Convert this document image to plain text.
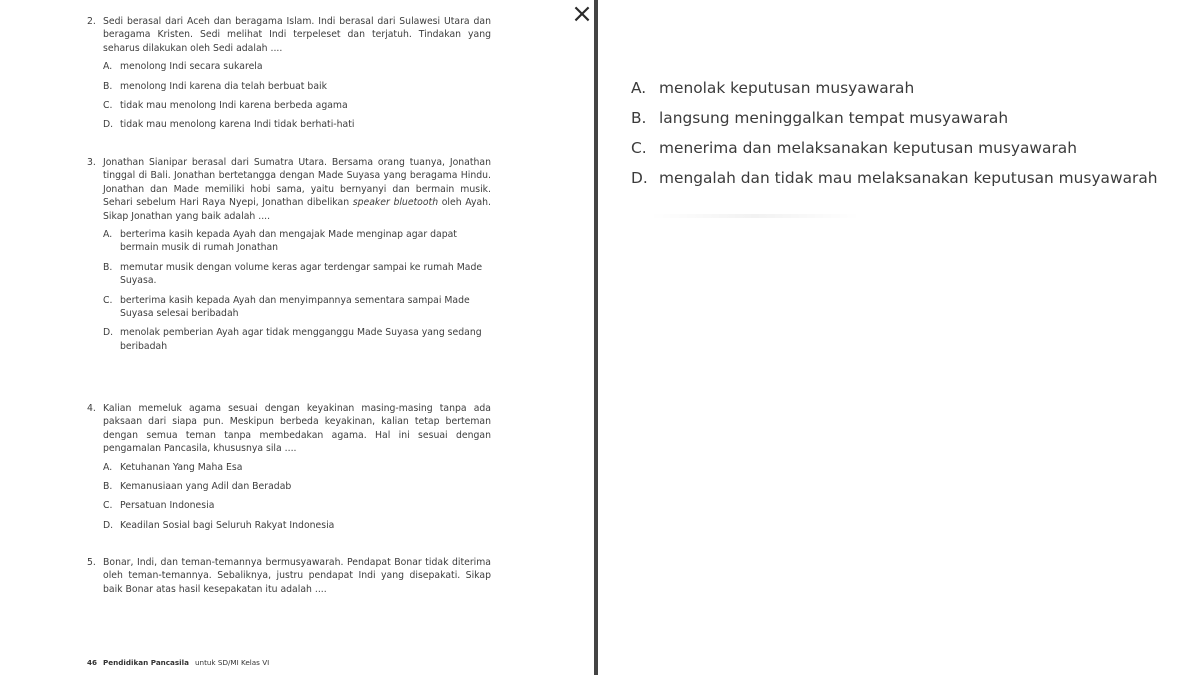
2. Sedi berasal dari Aceh dan beragama Islam. Indi berasal dari Sulawesi Utara dan beragama Kristen. Sedi melihat Indi terpeleset dan terjatuh. Tindakan yang seharus dilakukan oleh Sedi adalah ....
A. menolong Indi secara sukarela
B. menolong Indi karena dia telah berbuat baik
C. tidak mau menolong Indi karena berbeda agama
D. tidak mau menolong karena Indi tidak berhati-hati
3. Jonathan Sianipar berasal dari Sumatra Utara. Bersama orang tuanya, Jonathan tinggal di Bali. Jonathan bertetangga dengan Made Suyasa yang beragama Hindu. Jonathan dan Made memiliki hobi sama, yaitu bernyanyi dan bermain musik. Sehari sebelum Hari Raya Nyepi, Jonathan dibelikan speaker bluetooth oleh Ayah. Sikap Jonathan yang baik adalah ....
A. berterima kasih kepada Ayah dan mengajak Made menginap agar dapat bermain musik di rumah Jonathan
B. memutar musik dengan volume keras agar terdengar sampai ke rumah Made Suyasa.
C. berterima kasih kepada Ayah dan menyimpannya sementara sampai Made Suyasa selesai beribadah
D. menolak pemberian Ayah agar tidak mengganggu Made Suyasa yang sedang beribadah
4. Kalian memeluk agama sesuai dengan keyakinan masing-masing tanpa ada paksaan dari siapa pun. Meskipun berbeda keyakinan, kalian tetap berteman dengan semua teman tanpa membedakan agama. Hal ini sesuai dengan pengamalan Pancasila, khususnya sila ....
A. Ketuhanan Yang Maha Esa
B. Kemanusiaan yang Adil dan Beradab
C. Persatuan Indonesia
D. Keadilan Sosial bagi Seluruh Rakyat Indonesia
5. Bonar, Indi, dan teman-temannya bermusyawarah. Pendapat Bonar tidak diterima oleh teman-temannya. Sebaliknya, justru pendapat Indi yang disepakati. Sikap baik Bonar atas hasil kesepakatan itu adalah ....
46 Pendidikan Pancasila untuk SD/MI Kelas VI
×
A. menolak keputusan musyawarah
B. langsung meninggalkan tempat musyawarah
C. menerima dan melaksanakan keputusan musyawarah
D. mengalah dan tidak mau melaksanakan keputusan musyawarah
